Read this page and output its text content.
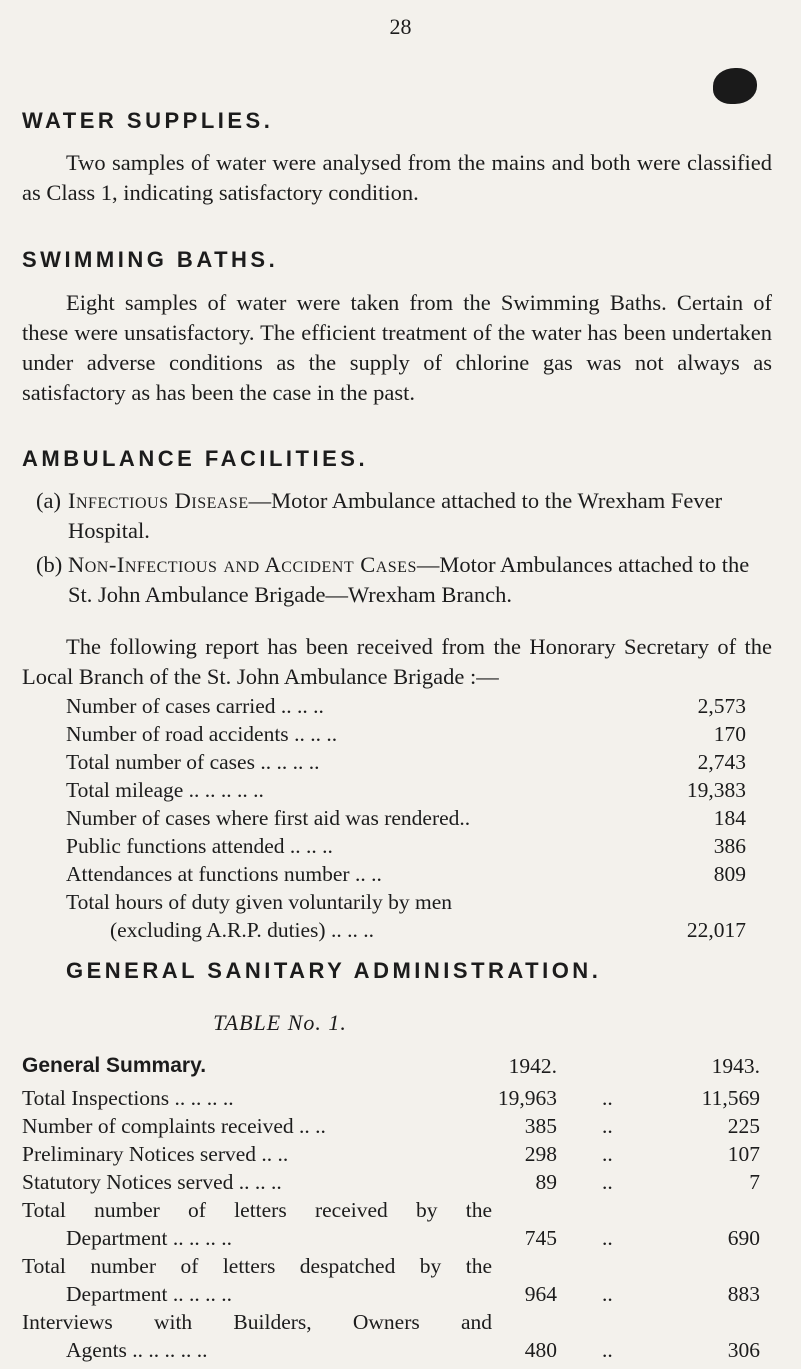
28
WATER SUPPLIES.
Two samples of water were analysed from the mains and both were classified as Class 1, indicating satisfactory condition.
SWIMMING BATHS.
Eight samples of water were taken from the Swimming Baths. Certain of these were unsatisfactory. The efficient treatment of the water has been undertaken under adverse conditions as the supply of chlorine gas was not always as satisfactory as has been the case in the past.
AMBULANCE FACILITIES.
(a) Infectious Disease—Motor Ambulance attached to the Wrexham Fever Hospital.
(b) Non-Infectious and Accident Cases—Motor Ambulances attached to the St. John Ambulance Brigade—Wrexham Branch.
The following report has been received from the Honorary Secretary of the Local Branch of the St. John Ambulance Brigade :—
Number of cases carried .. .. ..	2,573
Number of road accidents .. .. ..	170
Total number of cases .. .. .. ..	2,743
Total mileage .. .. .. .. ..	19,383
Number of cases where first aid was rendered..	184
Public functions attended .. .. ..	386
Attendances at functions number .. ..	809
Total hours of duty given voluntarily by men
(excluding A.R.P. duties) .. .. ..	22,017
GENERAL SANITARY ADMINISTRATION.
TABLE No. 1.
General Summary.	1942.	1943.
Total Inspections .. .. .. ..	19,963 ..	11,569
Number of complaints received .. ..	385 ..	225
Preliminary Notices served .. ..	298 ..	107
Statutory Notices served .. .. ..	89 ..	7
Total number of letters received by the
Department .. .. .. ..	745 ..	690
Total number of letters despatched by the
Department .. .. .. ..	964 ..	883
Interviews with Builders, Owners and
Agents .. .. .. .. ..	480 ..	306
